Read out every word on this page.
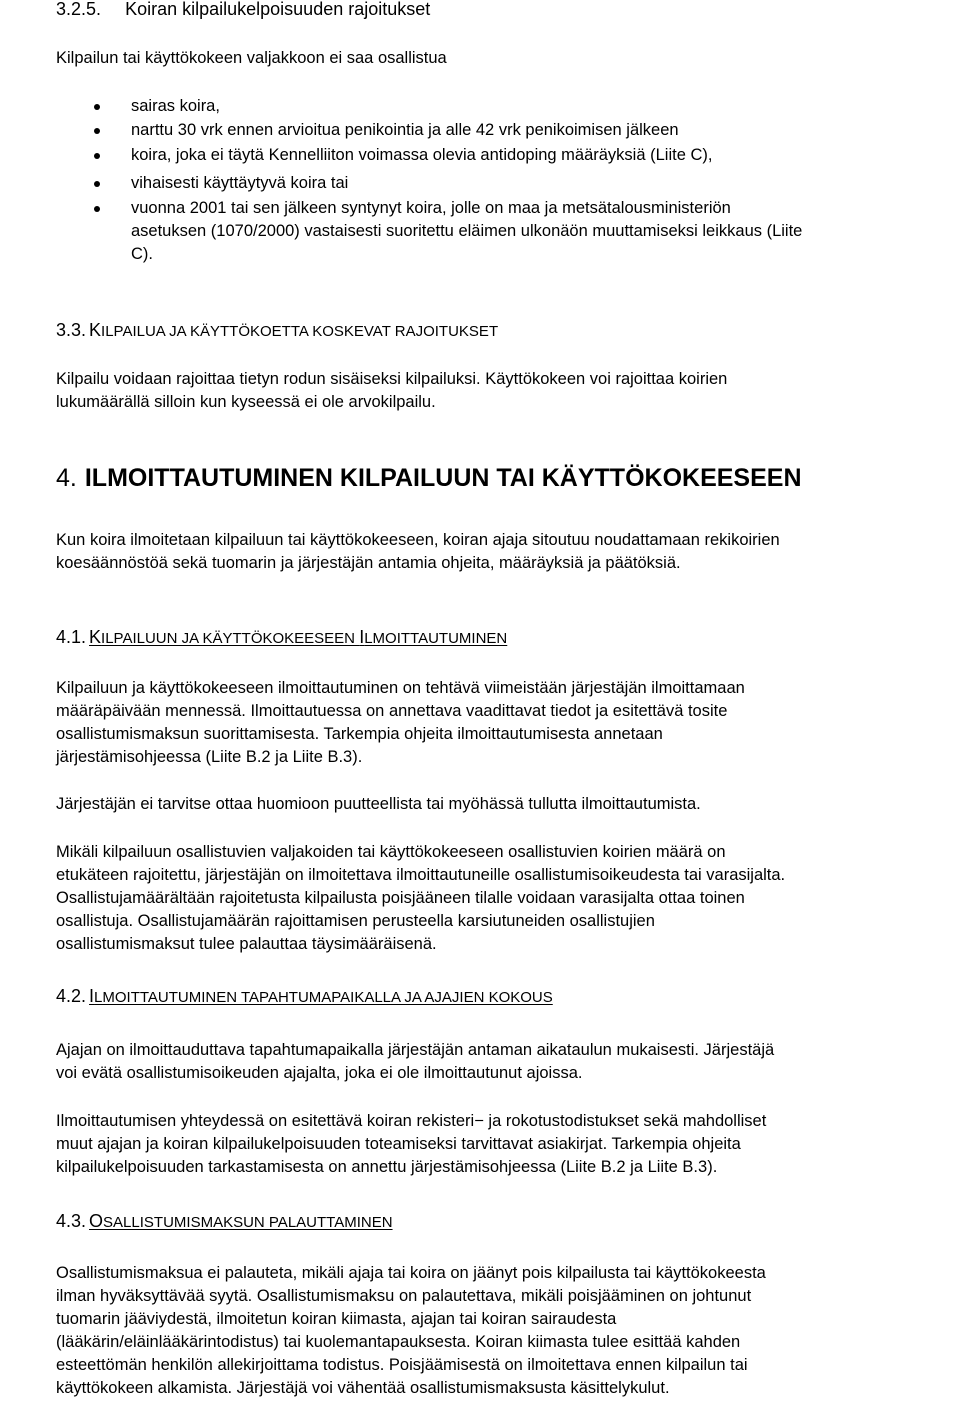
3.2.5. Koiran kilpailukelpoisuuden rajoitukset

Kilpailun tai käyttökokeen valjakkoon ei saa osallistua

sairas koira,
narttu 30 vrk ennen arvioitua penikointia ja alle 42 vrk penikoimisen jälkeen
koira, joka ei täytä Kennelliiton voimassa olevia antidoping määräyksiä (Liite C),
vihaisesti käyttäytyvä koira tai
vuonna 2001 tai sen jälkeen syntynyt koira, jolle on maa ja metsätalousministeriön
asetuksen (1070/2000) vastaisesti suoritettu eläimen ulkonäön muuttamiseksi leikkaus (Liite
C).

3.3. KILPAILUA JA KÄYTTÖKOETTA KOSKEVAT RAJOITUKSET

Kilpailu voidaan rajoittaa tietyn rodun sisäiseksi kilpailuksi. Käyttökokeen voi rajoittaa koirien
lukumäärällä silloin kun kyseessä ei ole arvokilpailu.

4. ILMOITTAUTUMINEN KILPAILUUN TAI KÄYTTÖKOKEESEEN

Kun koira ilmoitetaan kilpailuun tai käyttökokeeseen, koiran ajaja sitoutuu noudattamaan rekikoirien
koesäännöstöä sekä tuomarin ja järjestäjän antamia ohjeita, määräyksiä ja päätöksiä.

4.1. KILPAILUUN JA KÄYTTÖKOKEESEEN ILMOITTAUTUMINEN

Kilpailuun ja käyttökokeeseen ilmoittautuminen on tehtävä viimeistään järjestäjän ilmoittamaan
määräpäivään mennessä. Ilmoittautuessa on annettava vaadittavat tiedot ja esitettävä tosite
osallistumismaksun suorittamisesta. Tarkempia ohjeita ilmoittautumisesta annetaan
järjestämisohjeessa (Liite B.2 ja Liite B.3).

Järjestäjän ei tarvitse ottaa huomioon puutteellista tai myöhässä tullutta ilmoittautumista.

Mikäli kilpailuun osallistuvien valjakoiden tai käyttökokeeseen osallistuvien koirien määrä on
etukäteen rajoitettu, järjestäjän on ilmoitettava ilmoittautuneille osallistumisoikeudesta tai varasijalta.
Osallistujamäärältään rajoitetusta kilpailusta poisjääneen tilalle voidaan varasijalta ottaa toinen
osallistuja. Osallistujamäärän rajoittamisen perusteella karsiutuneiden osallistujien
osallistumismaksut tulee palauttaa täysimääräisenä.

4.2. ILMOITTAUTUMINEN TAPAHTUMAPAIKALLA JA AJAJIEN KOKOUS

Ajajan on ilmoittauduttava tapahtumapaikalla järjestäjän antaman aikataulun mukaisesti. Järjestäjä
voi evätä osallistumisoikeuden ajajalta, joka ei ole ilmoittautunut ajoissa.

Ilmoittautumisen yhteydessä on esitettävä koiran rekisteri− ja rokotustodistukset sekä mahdolliset
muut ajajan ja koiran kilpailukelpoisuuden toteamiseksi tarvittavat asiakirjat. Tarkempia ohjeita
kilpailukelpoisuuden tarkastamisesta on annettu järjestämisohjeessa (Liite B.2 ja Liite B.3).

4.3. OSALLISTUMISMAKSUN PALAUTTAMINEN

Osallistumismaksua ei palauteta, mikäli ajaja tai koira on jäänyt pois kilpailusta tai käyttökokeesta
ilman hyväksyttävää syytä. Osallistumismaksu on palautettava, mikäli poisjääminen on johtunut
tuomarin jääviydestä, ilmoitetun koiran kiimasta, ajajan tai koiran sairaudesta
(lääkärin/eläinlääkärintodistus) tai kuolemantapauksesta. Koiran kiimasta tulee esittää kahden
esteettömän henkilön allekirjoittama todistus. Poisjäämisestä on ilmoitettava ennen kilpailun tai
käyttökokeen alkamista. Järjestäjä voi vähentää osallistumismaksusta käsittelykulut.
